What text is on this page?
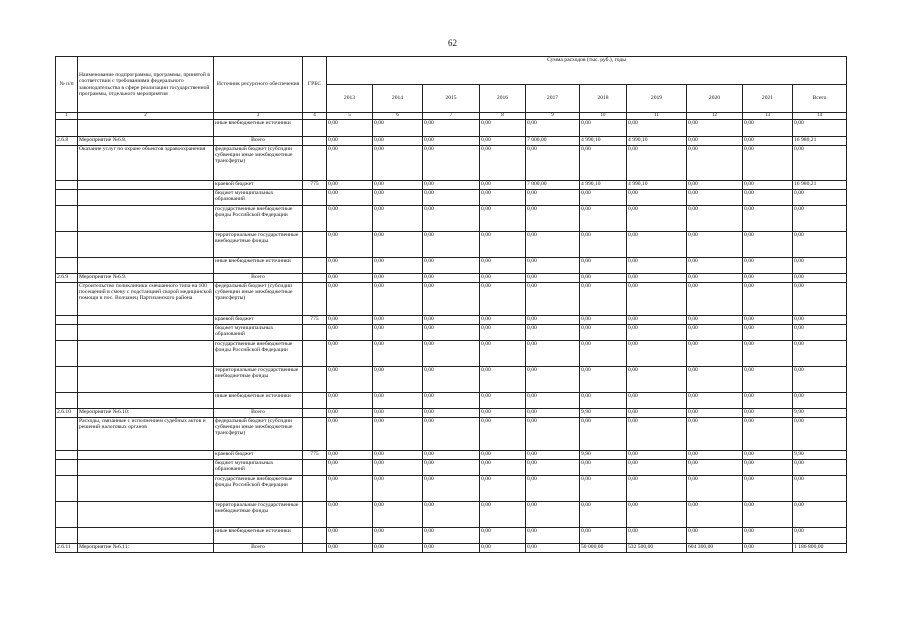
62
№ п/п	Наименование подпрограммы, программы, принятой в соответствии с требованиями федерального законодательства в сфере реализации государственной программы, отдельного мероприятия	Источник ресурсного обеспечения	ГРБС	Сумма расходов (тыс. руб.), годы									
				2013	2014	2015	2016	2017	2018	2019	2020	2021	Всего
1	2	3	4	5	6	7	8	9	10	11	12	13	14
		иные внебюджетные источники		0,00	0,00	0,00	0,00	0,00	0,00	0,00	0,00	0,00	0,00
2.6.8	Мероприятие №6.8.	Всего		0,00	0,00	0,00	0,00	7 000,00	4 990,10	4 990,10	0,00	0,00	16 980,21
	Оказание услуг по охране объектов здравоохранения	федеральный бюджет (субсидии субвенции иные межбюджетные трансферты)		0,00	0,00	0,00	0,00	0,00	0,00	0,00	0,00	0,00	0,00
		краевой бюджет	775	0,00	0,00	0,00	0,00	7 000,00	4 990,10	4 990,10	0,00	0,00	16 980,21
		бюджет муниципальных образований		0,00	0,00	0,00	0,00	0,00	0,00	0,00	0,00	0,00	0,00
		государственные внебюджетные фонды Российской Федерации		0,00	0,00	0,00	0,00	0,00	0,00	0,00	0,00	0,00	0,00
		территориальные государственные внебюджетные фонды		0,00	0,00	0,00	0,00	0,00	0,00	0,00	0,00	0,00	0,00
		иные внебюджетные источники		0,00	0,00	0,00	0,00	0,00	0,00	0,00	0,00	0,00	0,00
2.6.9	Мероприятие №6.9.	Всего		0,00	0,00	0,00	0,00	0,00	0,00	0,00	0,00	0,00	0,00
	Строительство поликлиники смешанного типа на 100 посещений в смену с подстанцией скорой медицинской помощи в пос. Волчанец Партизанского района	федеральный бюджет (субсидии субвенции иные межбюджетные трансферты)		0,00	0,00	0,00	0,00	0,00	0,00	0,00	0,00	0,00	0,00
		краевой бюджет	775	0,00	0,00	0,00	0,00	0,00	0,00	0,00	0,00	0,00	0,00
		бюджет муниципальных образований		0,00	0,00	0,00	0,00	0,00	0,00	0,00	0,00	0,00	0,00
		государственные внебюджетные фонды Российской Федерации		0,00	0,00	0,00	0,00	0,00	0,00	0,00	0,00	0,00	0,00
		территориальные государственные внебюджетные фонды		0,00	0,00	0,00	0,00	0,00	0,00	0,00	0,00	0,00	0,00
		иные внебюджетные источники		0,00	0,00	0,00	0,00	0,00	0,00	0,00	0,00	0,00	0,00
2.6.10	Мероприятие №6.10:	Всего		0,00	0,00	0,00	0,00	0,00	9,90	0,00	0,00	0,00	9,90
	Расходы, связанные с исполнением судебных актов и решений налоговых органов	федеральный бюджет (субсидии субвенции иные межбюджетные трансферты)		0,00	0,00	0,00	0,00	0,00	0,00	0,00	0,00	0,00	0,00
		краевой бюджет	775	0,00	0,00	0,00	0,00	0,00	9,90	0,00	0,00	0,00	9,90
		бюджет муниципальных образований		0,00	0,00	0,00	0,00	0,00	0,00	0,00	0,00	0,00	0,00
		государственные внебюджетные фонды Российской Федерации		0,00	0,00	0,00	0,00	0,00	0,00	0,00	0,00	0,00	0,00
		территориальные государственные внебюджетные фонды		0,00	0,00	0,00	0,00	0,00	0,00	0,00	0,00	0,00	0,00
		иные внебюджетные источники		0,00	0,00	0,00	0,00	0,00	0,00	0,00	0,00	0,00	0,00
2.6.11	Мероприятие №6.11:	Всего		0,00	0,00	0,00	0,00	0,00	50 000,00	532 500,00	604 300,00	0,00	1 186 800,00
